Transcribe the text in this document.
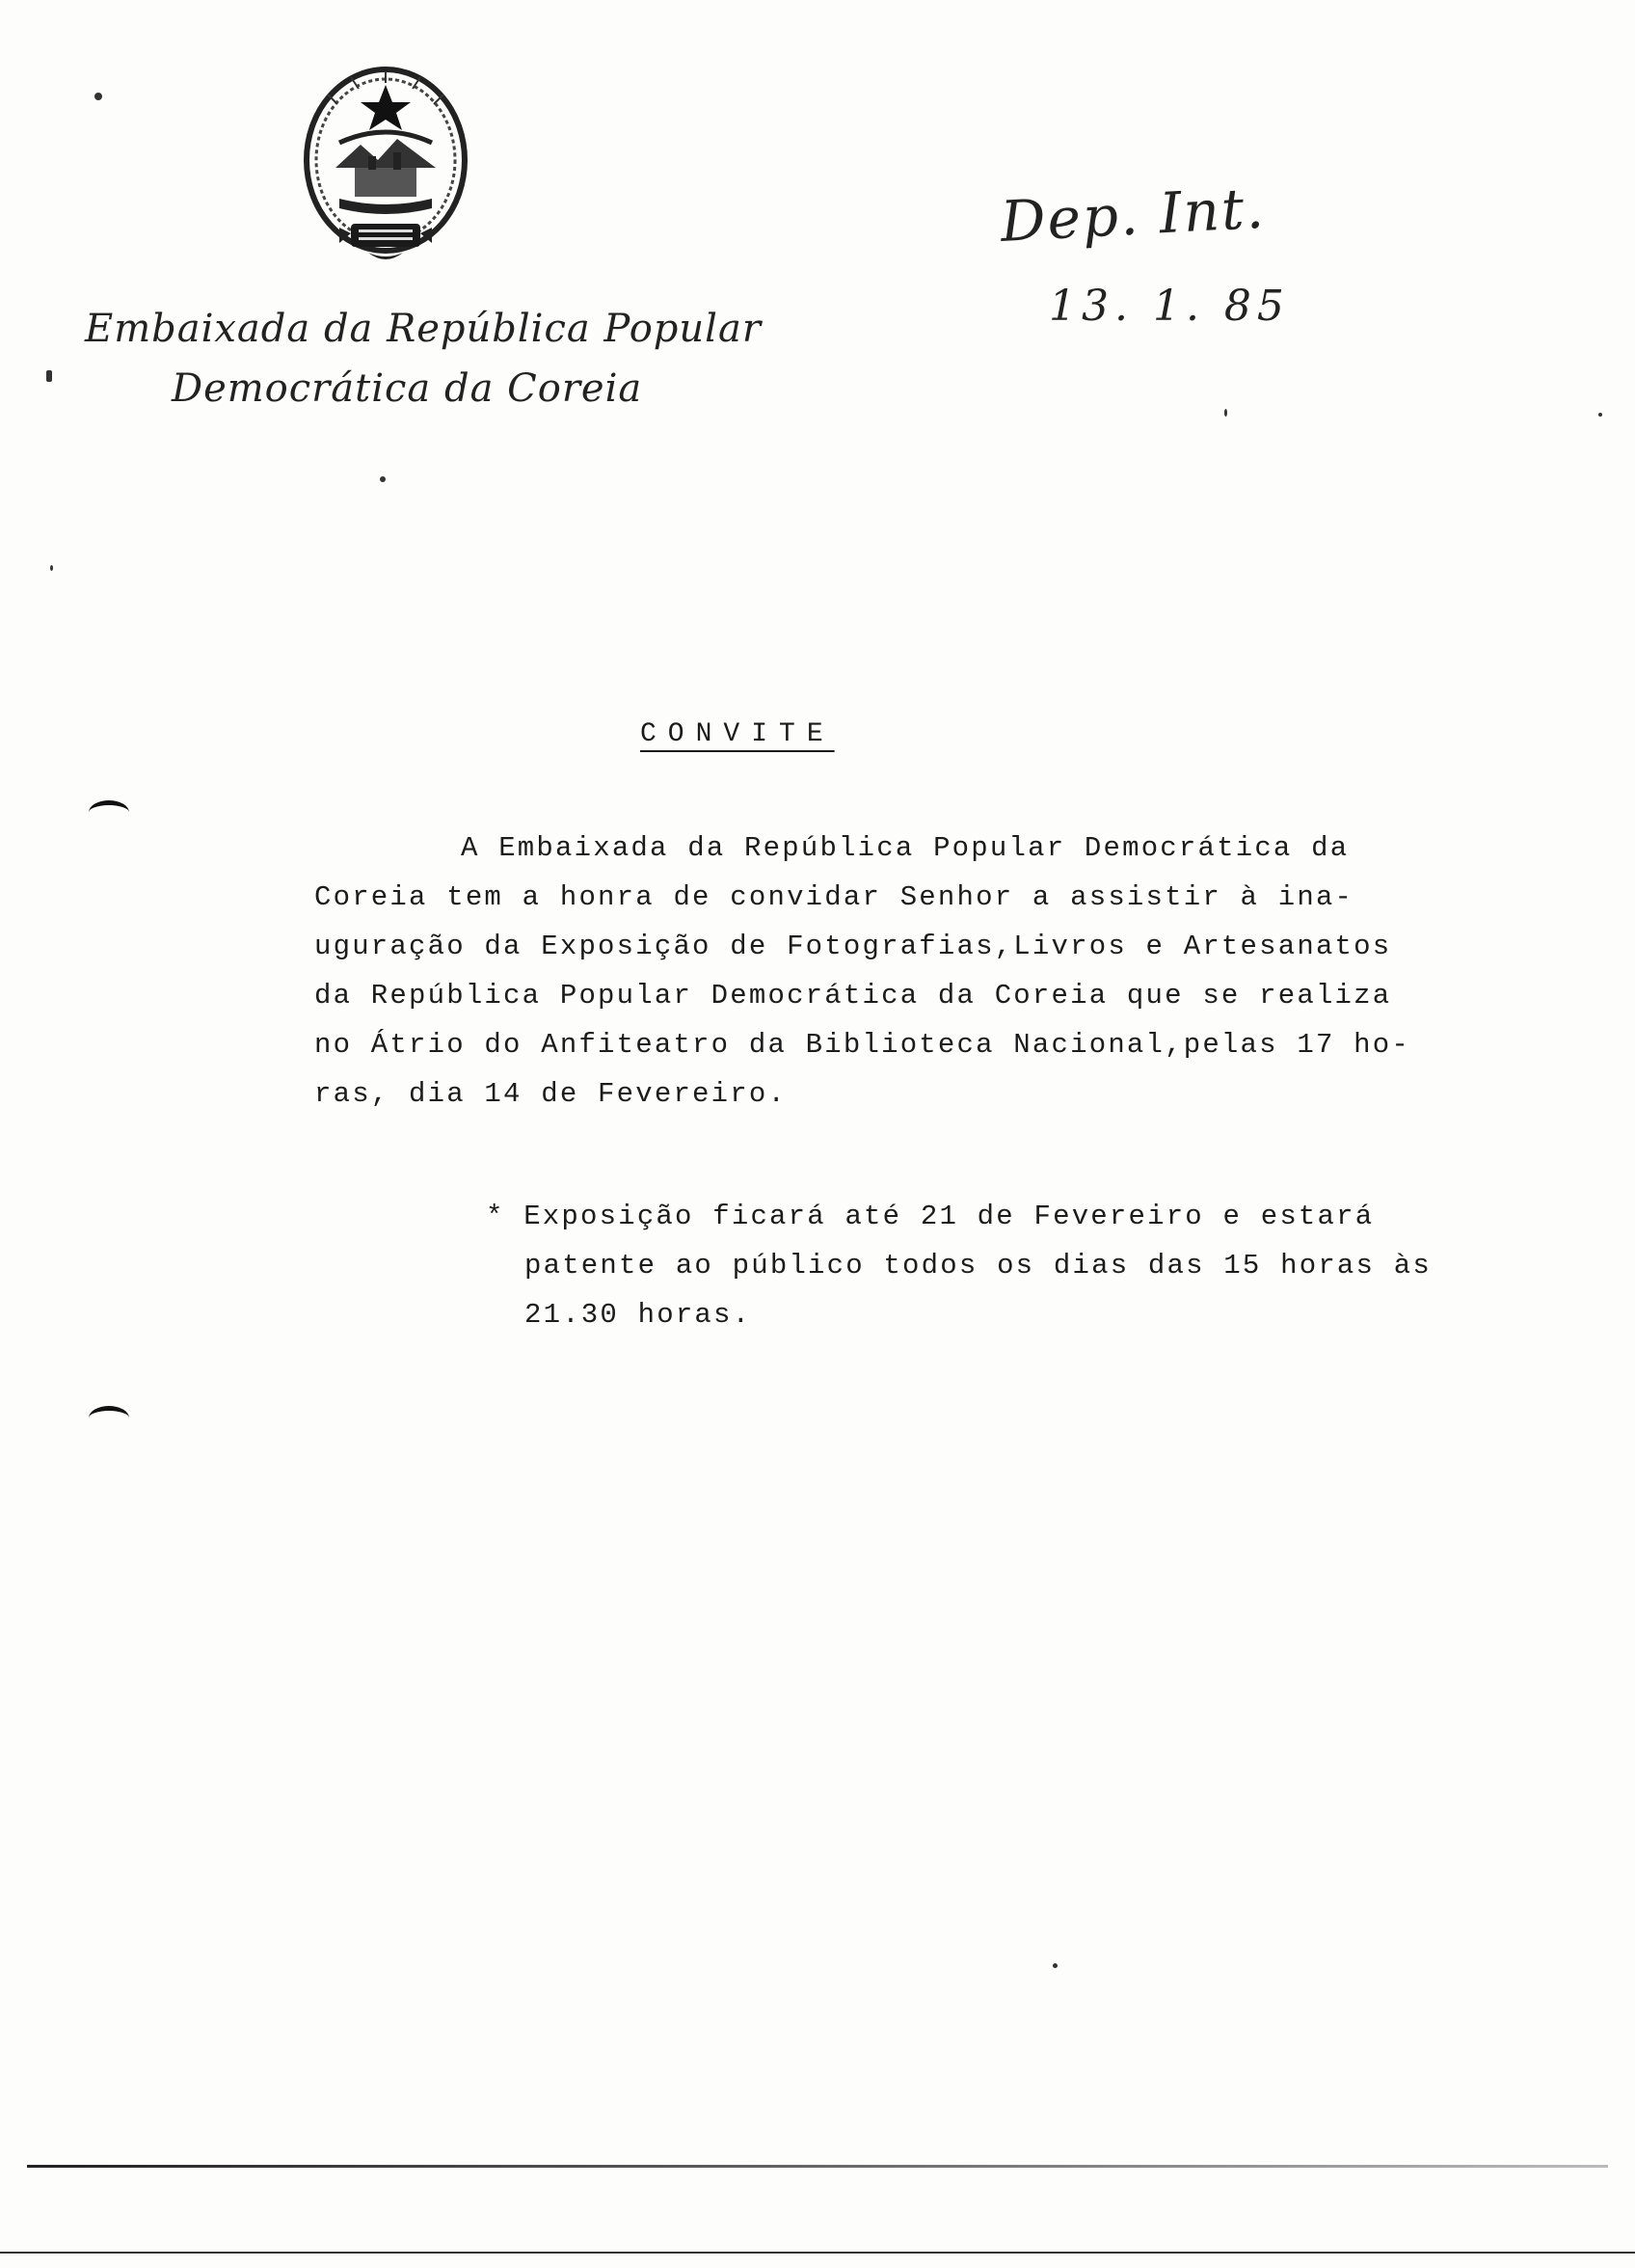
Embaixada da República Popular
Democrática da Coreia
Dep. Int.
13. 1. 85
CONVITE
A Embaixada da República Popular Democrática da
Coreia tem a honra de convidar Senhor a assistir à ina-
uguração da Exposição de Fotografias,Livros e Artesanatos
da República Popular Democrática da Coreia que se realiza
no Átrio do Anfiteatro da Biblioteca Nacional,pelas 17 ho-
ras, dia 14 de Fevereiro.
* Exposição ficará até 21 de Fevereiro e estará
patente ao público todos os dias das 15 horas às
21.30 horas.
